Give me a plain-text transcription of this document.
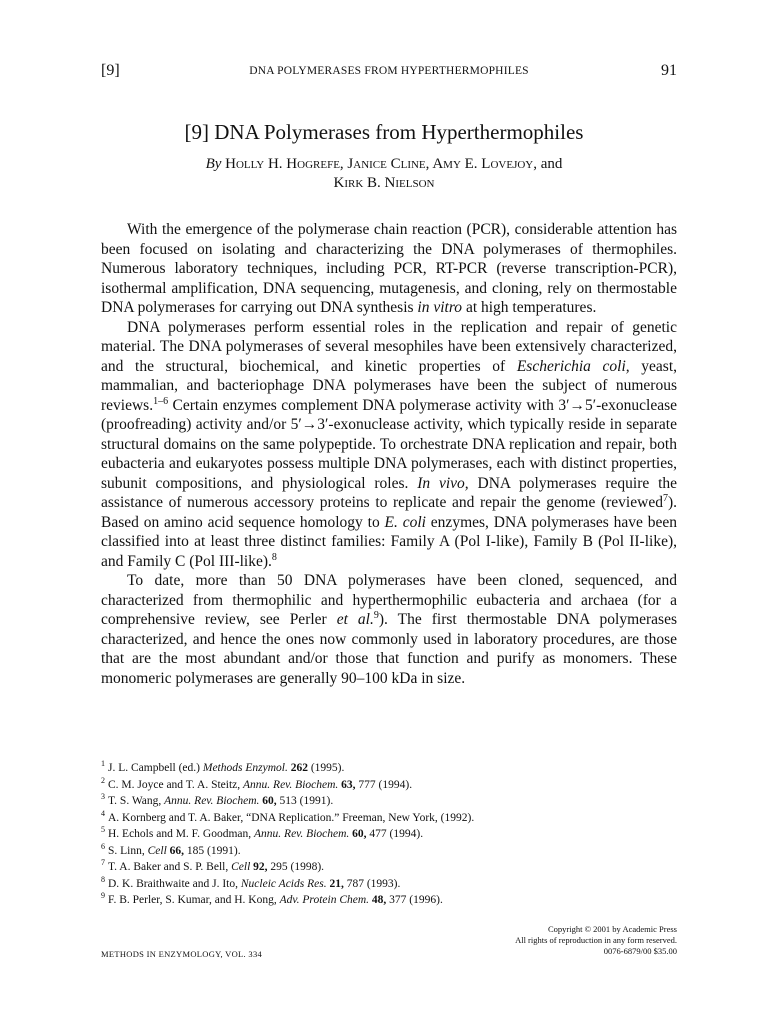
[9]	DNA POLYMERASES FROM HYPERTHERMOPHILES	91
[9] DNA Polymerases from Hyperthermophiles
By Holly H. Hogrefe, Janice Cline, Amy E. Lovejoy, and
Kirk B. Nielson

With the emergence of the polymerase chain reaction (PCR), considerable attention has been focused on isolating and characterizing the DNA polymerases of thermophiles. Numerous laboratory techniques, including PCR, RT-PCR (reverse transcription-PCR), isothermal amplification, DNA sequencing, mutagenesis, and cloning, rely on thermostable DNA polymerases for carrying out DNA synthesis in vitro at high temperatures.

DNA polymerases perform essential roles in the replication and repair of genetic material. The DNA polymerases of several mesophiles have been extensively characterized, and the structural, biochemical, and kinetic properties of Escherichia coli, yeast, mammalian, and bacteriophage DNA polymerases have been the subject of numerous reviews.$^{1-6}$ Certain enzymes complement DNA polymerase activity with 3′→5′-exonuclease (proofreading) activity and/or 5′→3′-exonuclease activity, which typically reside in separate structural domains on the same polypeptide. To orchestrate DNA replication and repair, both eubacteria and eukaryotes possess multiple DNA polymerases, each with distinct properties, subunit compositions, and physiological roles. In vivo, DNA polymerases require the assistance of numerous accessory proteins to replicate and repair the genome (reviewed$^7$). Based on amino acid sequence homology to E. coli enzymes, DNA polymerases have been classified into at least three distinct families: Family A (Pol I-like), Family B (Pol II-like), and Family C (Pol III-like).$^8$

To date, more than 50 DNA polymerases have been cloned, sequenced, and characterized from thermophilic and hyperthermophilic eubacteria and archaea (for a comprehensive review, see Perler et al.$^9$). The first thermostable DNA polymerases characterized, and hence the ones now commonly used in laboratory procedures, are those that are the most abundant and/or those that function and purify as monomers. These monomeric polymerases are generally 90–100 kDa in size.

$^1$ J. L. Campbell (ed.) Methods Enzymol. 262 (1995).
$^2$ C. M. Joyce and T. A. Steitz, Annu. Rev. Biochem. 63, 777 (1994).
$^3$ T. S. Wang, Annu. Rev. Biochem. 60, 513 (1991).
$^4$ A. Kornberg and T. A. Baker, “DNA Replication.” Freeman, New York, (1992).
$^5$ H. Echols and M. F. Goodman, Annu. Rev. Biochem. 60, 477 (1994).
$^6$ S. Linn, Cell 66, 185 (1991).
$^7$ T. A. Baker and S. P. Bell, Cell 92, 295 (1998).
$^8$ D. K. Braithwaite and J. Ito, Nucleic Acids Res. 21, 787 (1993).
$^9$ F. B. Perler, S. Kumar, and H. Kong, Adv. Protein Chem. 48, 377 (1996).
Copyright © 2001 by Academic Press
All rights of reproduction in any form reserved.
0076-6879/00 $35.00
METHODS IN ENZYMOLOGY, VOL. 334
